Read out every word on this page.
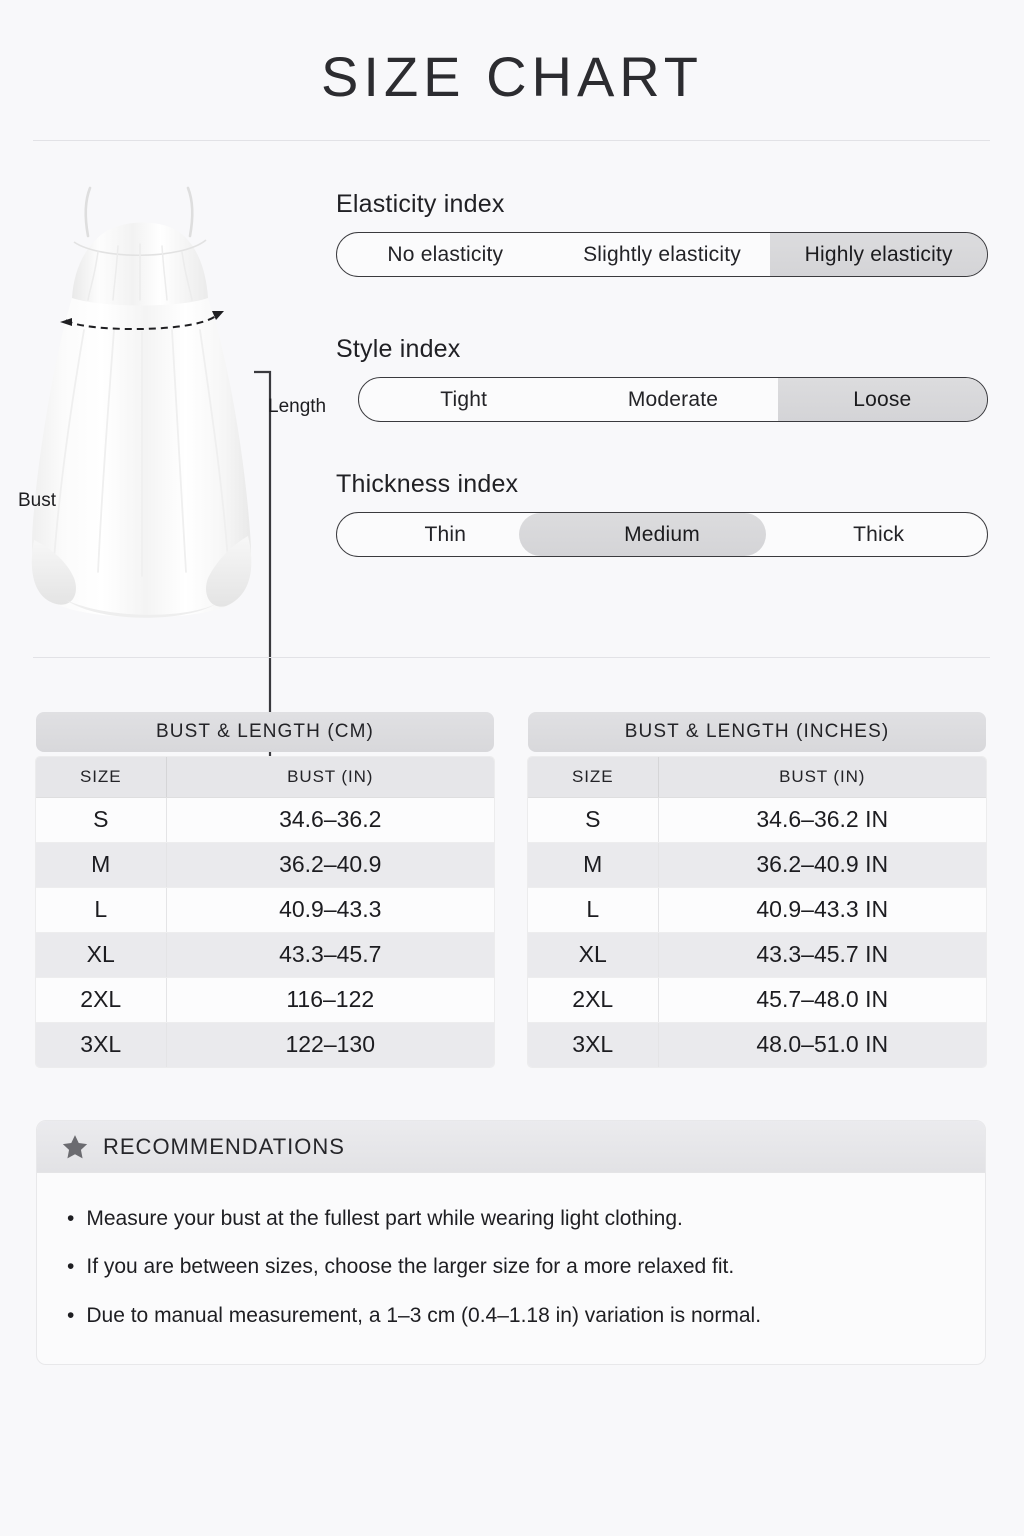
SIZE CHART
Bust
Length
Elasticity index
No elasticity	Slightly elasticity	Highly elasticity
Style index
Tight	Moderate	Loose
Thickness index
Thin	Medium	Thick
BUST & LENGTH (CM)
SIZE	BUST (IN)
S	34.6–36.2
M	36.2–40.9
L	40.9–43.3
XL	43.3–45.7
2XL	116–122
3XL	122–130
BUST & LENGTH (INCHES)
SIZE	BUST (IN)
S	34.6–36.2 IN
M	36.2–40.9 IN
L	40.9–43.3 IN
XL	43.3–45.7 IN
2XL	45.7–48.0 IN
3XL	48.0–51.0 IN
RECOMMENDATIONS
• Measure your bust at the fullest part while wearing light clothing.
• If you are between sizes, choose the larger size for a more relaxed fit.
• Due to manual measurement, a 1–3 cm (0.4–1.18 in) variation is normal.
